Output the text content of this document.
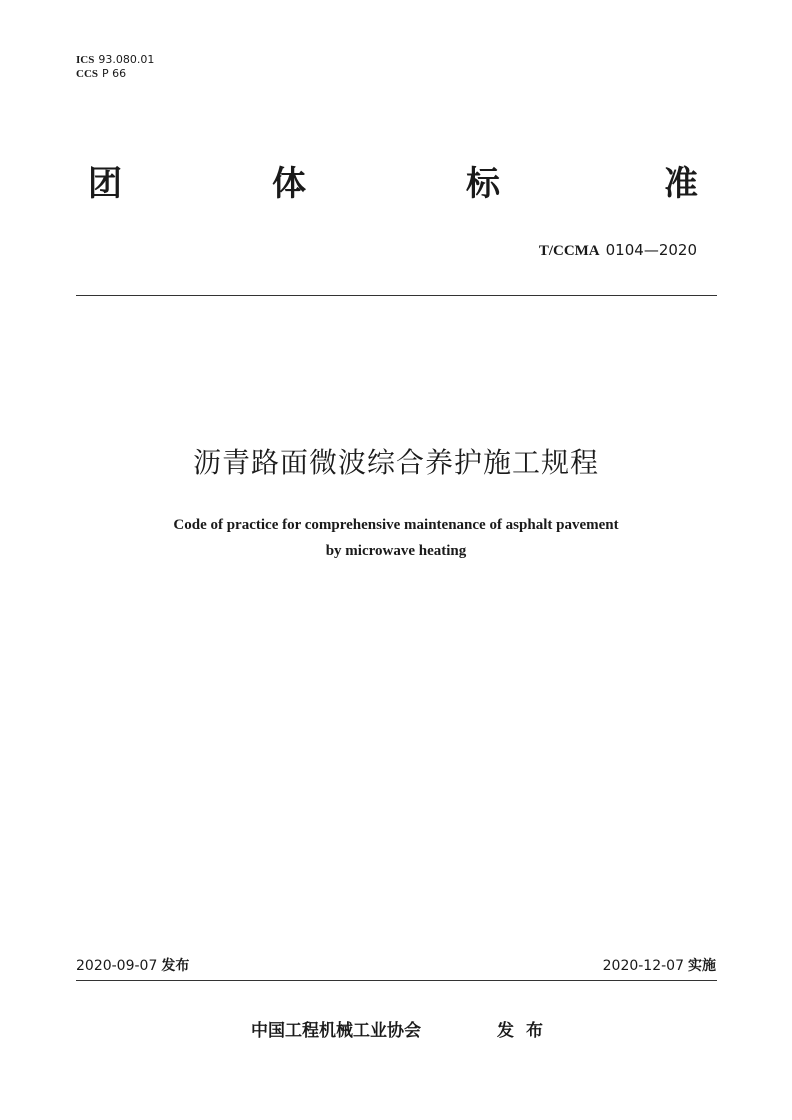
ICS 93.080.01
CCS P 66
团	体	标	准
T/CCMA 0104—2020
沥青路面微波综合养护施工规程
Code of practice for comprehensive maintenance of asphalt pavement
by microwave heating
2020-09-07 发布	2020-12-07 实施
中国工程机械工业协会	发布
